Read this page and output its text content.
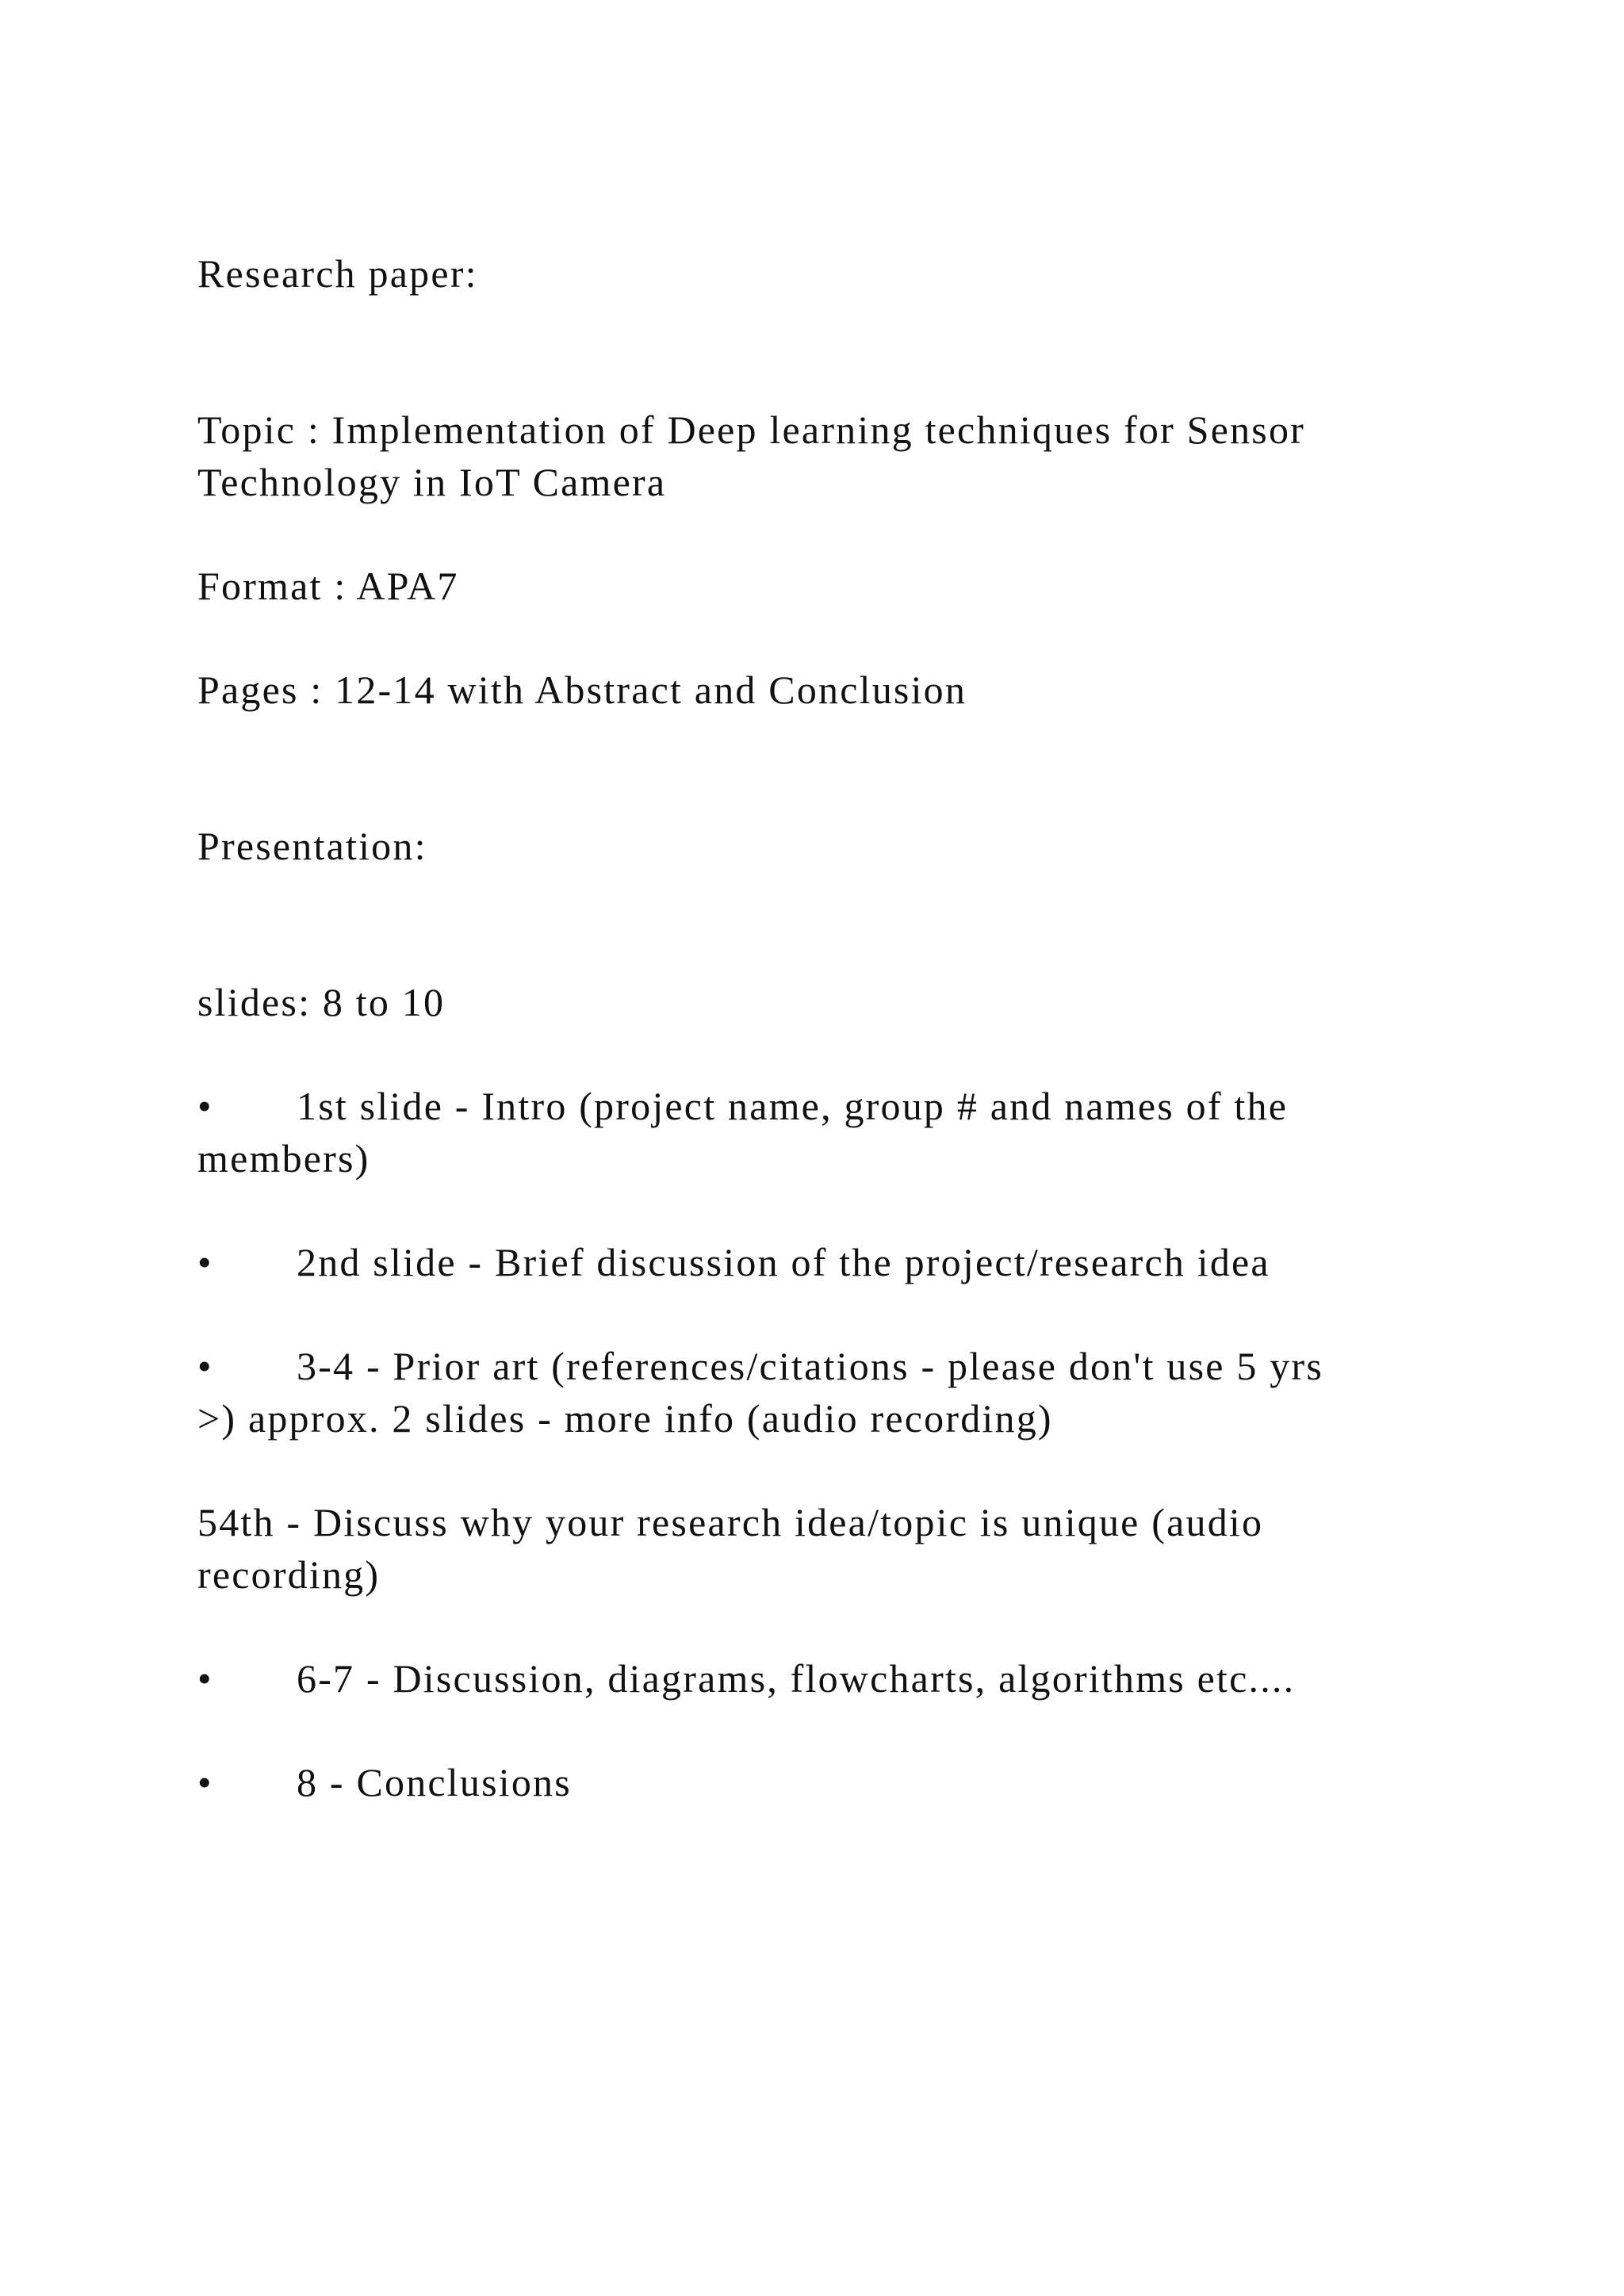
Research paper:
Topic : Implementation of Deep learning techniques for Sensor
Technology in IoT Camera
Format : APA7
Pages : 12-14 with Abstract and Conclusion
Presentation:
slides: 8 to 10
• 1st slide - Intro (project name, group # and names of the
members)
• 2nd slide - Brief discussion of the project/research idea
• 3-4 - Prior art (references/citations - please don't use 5 yrs
>) approx. 2 slides - more info (audio recording)
54th - Discuss why your research idea/topic is unique (audio
recording)
• 6-7 - Discussion, diagrams, flowcharts, algorithms etc....
• 8 - Conclusions
